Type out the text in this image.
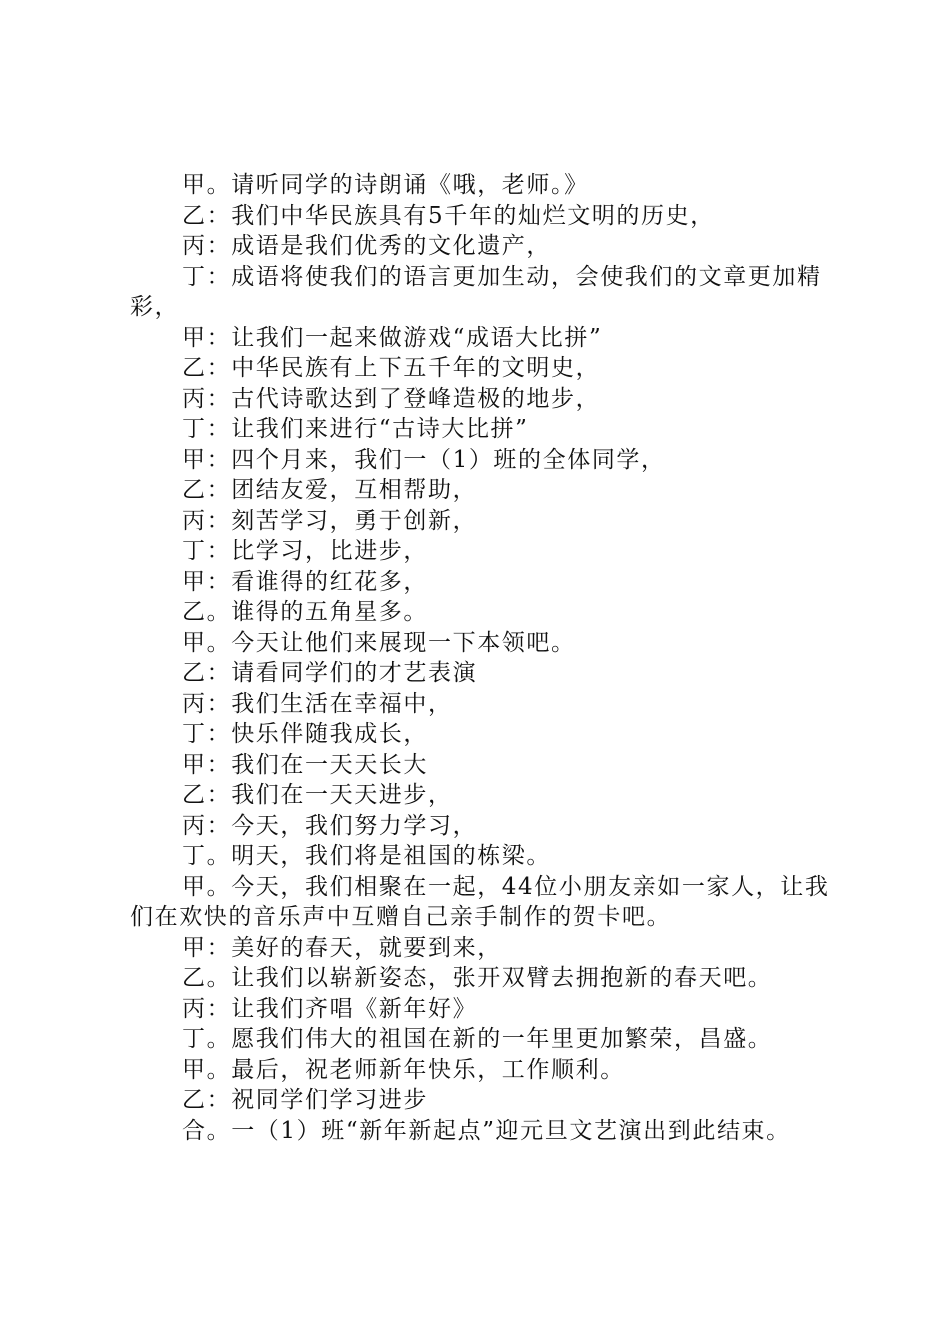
甲。请听同学的诗朗诵《哦，老师。》

乙：我们中华民族具有5千年的灿烂文明的历史，

丙：成语是我们优秀的文化遗产，

丁：成语将使我们的语言更加生动，会使我们的文章更加精彩，

甲：让我们一起来做游戏“成语大比拼”

乙：中华民族有上下五千年的文明史，

丙：古代诗歌达到了登峰造极的地步，

丁：让我们来进行“古诗大比拼”

甲：四个月来，我们一（1）班的全体同学，

乙：团结友爱，互相帮助，

丙：刻苦学习，勇于创新，

丁：比学习，比进步，

甲：看谁得的红花多，

乙。谁得的五角星多。

甲。今天让他们来展现一下本领吧。

乙：请看同学们的才艺表演

丙：我们生活在幸福中，

丁：快乐伴随我成长，

甲：我们在一天天长大

乙：我们在一天天进步，

丙：今天，我们努力学习，

丁。明天，我们将是祖国的栋梁。

甲。今天，我们相聚在一起，44位小朋友亲如一家人，让我们在欢快的音乐声中互赠自己亲手制作的贺卡吧。

甲：美好的春天，就要到来，

乙。让我们以崭新姿态，张开双臂去拥抱新的春天吧。

丙：让我们齐唱《新年好》

丁。愿我们伟大的祖国在新的一年里更加繁荣，昌盛。

甲。最后，祝老师新年快乐，工作顺利。

乙：祝同学们学习进步

合。一（1）班“新年新起点”迎元旦文艺演出到此结束。
